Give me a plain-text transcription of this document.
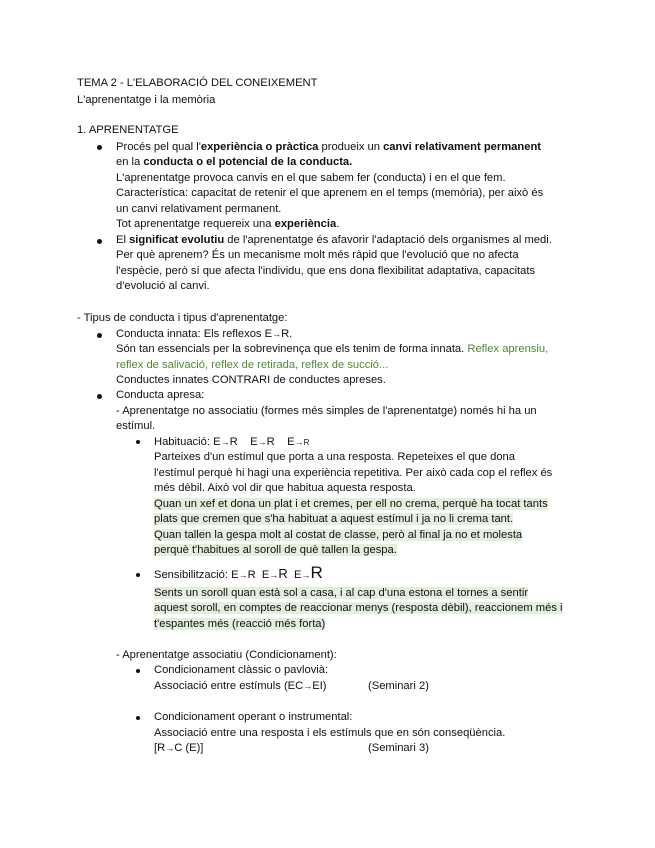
TEMA 2 - L'ELABORACIÓ DEL CONEIXEMENT
L'aprenentatge i la memòria
1. APRENENTATGE
Procés pel qual l'experiència o pràctica produeix un canvi relativament permanent
en la conducta o el potencial de la conducta.
L'aprenentatge provoca canvis en el que sabem fer (conducta) i en el que fem.
Característica: capacitat de retenir el que aprenem en el temps (memòria), per això és
un canvi relativament permanent.
Tot aprenentatge requereix una experiència.
El significat evolutiu de l'aprenentatge és afavorir l'adaptació dels organismes al medi.
Per què aprenem? És un mecanisme molt més ràpid que l'evolució que no afecta
l'espècie, però sí que afecta l'individu, que ens dona flexibilitat adaptativa, capacitats
d'evolució al canvi.
- Tipus de conducta i tipus d'aprenentatge:
Conducta innata: Els reflexos E→R.
Són tan essencials per la sobrevinença que els tenim de forma innata. Reflex aprensiu,
reflex de salivació, reflex de retirada, reflex de succió...
Conductes innates CONTRARI de conductes apreses.
Conducta apresa:
- Aprenentatge no associatiu (formes més simples de l'aprenentatge) només hi ha un
estímul.
Habituació: E→R E→R E→R
Parteixes d'un estímul que porta a una resposta. Repeteixes el que dona
l'estímul perquè hi hagi una experiència repetitiva. Per això cada cop el reflex és
més dèbil. Això vol dir que habitua aquesta resposta.
Quan un xef et dona un plat i et cremes, per ell no crema, perquè ha tocat tants
plats que cremen que s'ha habituat a aquest estímul i ja no li crema tant.
Quan tallen la gespa molt al costat de classe, però al final ja no et molesta
perquè t'habitues al soroll de què tallen la gespa.
Sensibilització: E→R E→R E→R
Sents un soroll quan està sol a casa, i al cap d'una estona el tornes a sentir
aquest soroll, en comptes de reaccionar menys (resposta dèbil), reaccionem més i
t'espantes més (reacció més forta)
- Aprenentatge associatiu (Condicionament):
Condicionament clàssic o pavlovià:
Associació entre estímuls (EC→EI)	(Seminari 2)
Condicionament operant o instrumental:
Associació entre una resposta i els estímuls que en són conseqüència.
[R→C (E)]	(Seminari 3)
